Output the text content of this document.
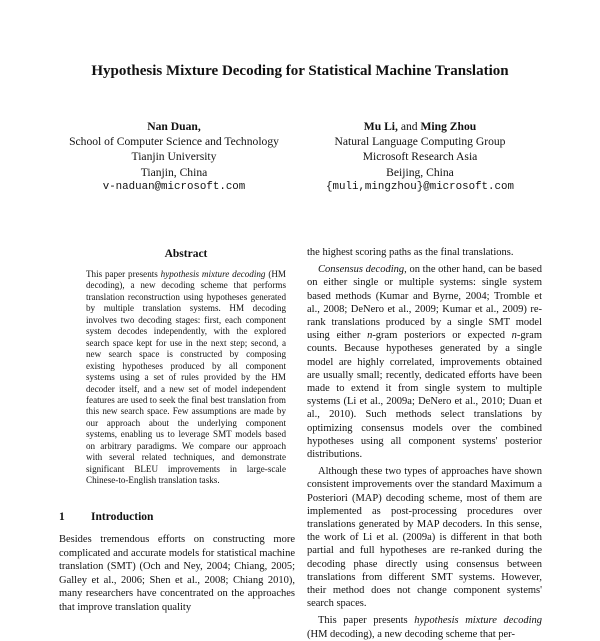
Hypothesis Mixture Decoding for Statistical Machine Translation
Nan Duan,
School of Computer Science and Technology
Tianjin University
Tianjin, China
v-naduan@microsoft.com
Mu Li, and Ming Zhou
Natural Language Computing Group
Microsoft Research Asia
Beijing, China
{muli,mingzhou}@microsoft.com
Abstract
This paper presents hypothesis mixture decoding (HM decoding), a new decoding scheme that performs translation reconstruction using hypotheses generated by multiple translation systems. HM decoding involves two decoding stages: first, each component system decodes independently, with the explored search space kept for use in the next step; second, a new search space is constructed by composing existing hypotheses produced by all component systems using a set of rules provided by the HM decoder itself, and a new set of model independent features are used to seek the final best translation from this new search space. Few assumptions are made by our approach about the underlying component systems, enabling us to leverage SMT models based on arbitrary paradigms. We compare our approach with several related techniques, and demonstrate significant BLEU improvements in large-scale Chinese-to-English translation tasks.
1 Introduction
Besides tremendous efforts on constructing more complicated and accurate models for statistical machine translation (SMT) (Och and Ney, 2004; Chiang, 2005; Galley et al., 2006; Shen et al., 2008; Chiang 2010), many researchers have concentrated on the approaches that improve translation quality

the highest scoring paths as the final translations.

Consensus decoding, on the other hand, can be based on either single or multiple systems: single system based methods (Kumar and Byrne, 2004; Tromble et al., 2008; DeNero et al., 2009; Kumar et al., 2009) re-rank translations produced by a single SMT model using either n-gram posteriors or expected n-gram counts. Because hypotheses generated by a single model are highly correlated, improvements obtained are usually small; recently, dedicated efforts have been made to extend it from single system to multiple systems (Li et al., 2009a; DeNero et al., 2010; Duan et al., 2010). Such methods select translations by optimizing consensus models over the combined hypotheses using all component systems' posterior distributions.

Although these two types of approaches have shown consistent improvements over the standard Maximum a Posteriori (MAP) decoding scheme, most of them are implemented as post-processing procedures over translations generated by MAP decoders. In this sense, the work of Li et al. (2009a) is different in that both partial and full hypotheses are re-ranked during the decoding phase directly using consensus between translations from different SMT systems. However, their method does not change component systems' search spaces.

This paper presents hypothesis mixture decoding (HM decoding), a new decoding scheme that per-
